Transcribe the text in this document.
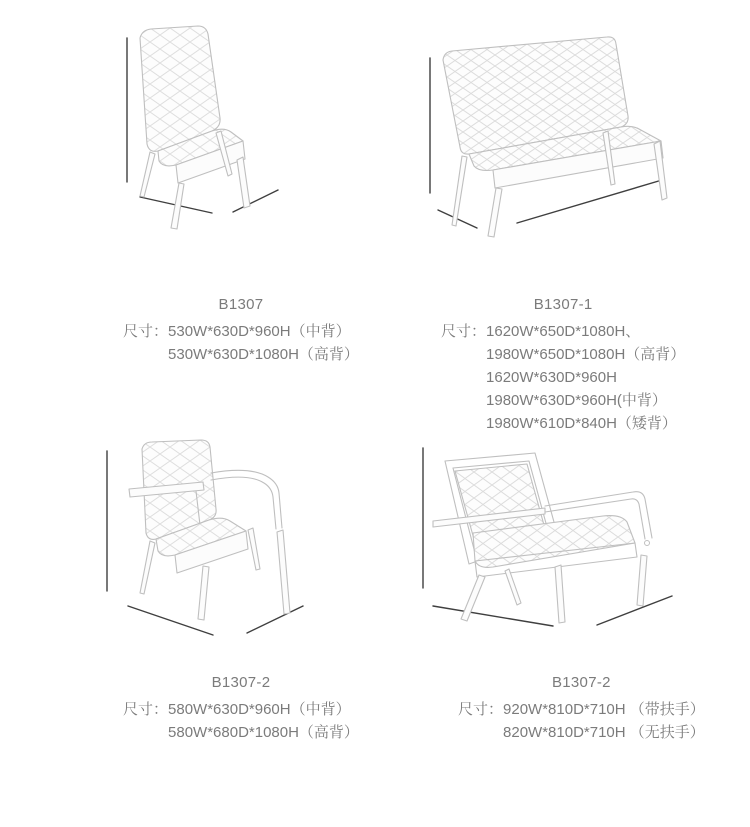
B1307
尺寸： 530W*630D*960H（中背）
530W*630D*1080H（高背）
B1307-1
尺寸： 1620W*650D*1080H、
1980W*650D*1080H（高背）
1620W*630D*960H
1980W*630D*960H(中背）
1980W*610D*840H（矮背）
B1307-2
尺寸： 580W*630D*960H（中背）
580W*680D*1080H（高背）
B1307-2
尺寸： 920W*810D*710H （带扶手）
820W*810D*710H （无扶手）
